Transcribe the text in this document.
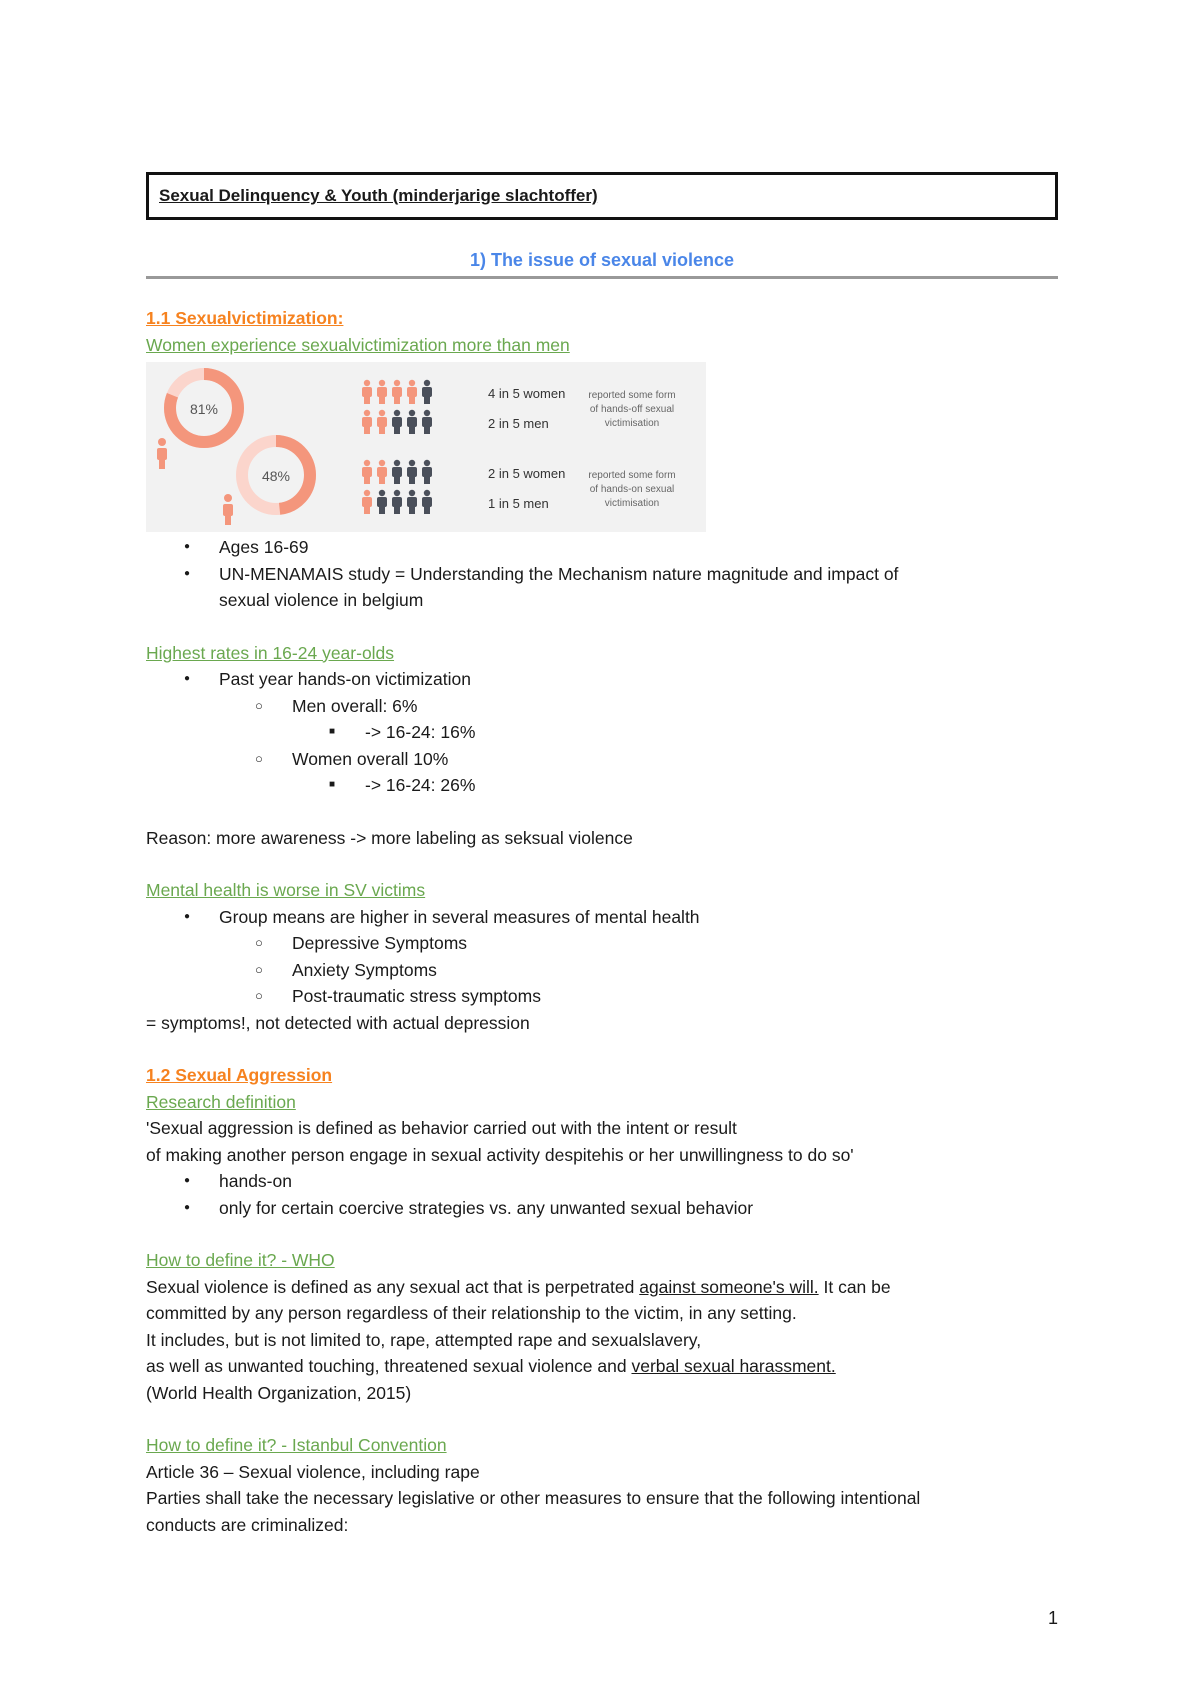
Sexual Delinquency & Youth (minderjarige slachtoffer)
1) The issue of sexual violence

1.1 Sexualvictimization:

Women experience sexualvictimization more than men

81%
48%
4 in 5 women
2 in 5 men
2 in 5 women
1 in 5 men
reported some form
of hands-off sexual
victimisation
reported some form
of hands-on sexual
victimisation
● Ages 16-69
● UN-MENAMAIS study = Understanding the Mechanism nature magnitude and impact of

sexual violence in belgium

Highest rates in 16-24 year-olds

● Past year hands-on victimization
○ Men overall: 6%
■ -> 16-24: 16%
○ Women overall 10%
■ -> 16-24: 26%

Reason: more awareness -> more labeling as seksual violence

Mental health is worse in SV victims

● Group means are higher in several measures of mental health
○ Depressive Symptoms
○ Anxiety Symptoms
○ Post-traumatic stress symptoms

= symptoms!, not detected with actual depression

1.2 Sexual Aggression

Research definition

'Sexual aggression is defined as behavior carried out with the intent or result

of making another person engage in sexual activity despitehis or her unwillingness to do so'

● hands-on
● only for certain coercive strategies vs. any unwanted sexual behavior

How to define it? - WHO

Sexual violence is defined as any sexual act that is perpetrated against someone's will. It can be

committed by any person regardless of their relationship to the victim, in any setting.

It includes, but is not limited to, rape, attempted rape and sexualslavery,

as well as unwanted touching, threatened sexual violence and verbal sexual harassment.

(World Health Organization, 2015)

How to define it? - Istanbul Convention

Article 36 – Sexual violence, including rape

Parties shall take the necessary legislative or other measures to ensure that the following intentional

conducts are criminalized:

1
